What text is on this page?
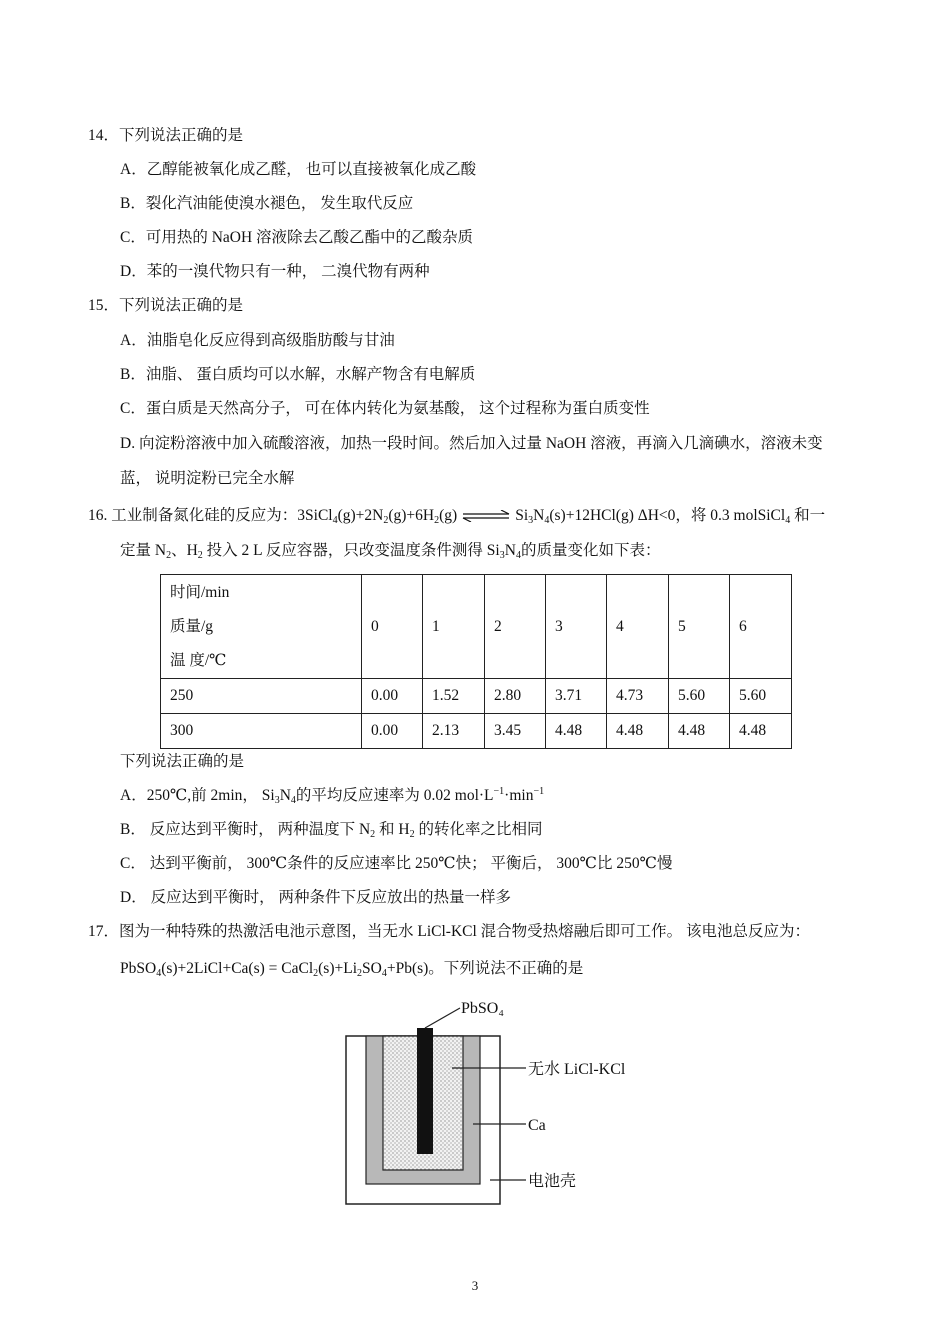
14．下列说法正确的是
A．乙醇能被氧化成乙醛， 也可以直接被氧化成乙酸
B．裂化汽油能使溴水褪色， 发生取代反应
C．可用热的 NaOH 溶液除去乙酸乙酯中的乙酸杂质
D．苯的一溴代物只有一种， 二溴代物有两种
15．下列说法正确的是
A．油脂皂化反应得到高级脂肪酸与甘油
B．油脂、 蛋白质均可以水解，水解产物含有电解质
C．蛋白质是天然高分子， 可在体内转化为氨基酸， 这个过程称为蛋白质变性
D. 向淀粉溶液中加入硫酸溶液，加热一段时间。然后加入过量 NaOH 溶液，再滴入几滴碘水，溶液未变
蓝， 说明淀粉已完全水解
16. 工业制备氮化硅的反应为：$3SiCl_4(g)+2N_2(g)+6H_2(g)$ ⇌ $Si_3N_4(s)+12HCl(g)$ ΔH<0，将 0.3 molSiCl$_4$ 和一
定量 $N_2$、$H_2$ 投入 2 L 反应容器，只改变温度条件测得 $Si_3N_4$的质量变化如下表：
时间/min
质量/g
温 度/℃	0	1	2	3	4	5	6
250	0.00	1.52	2.80	3.71	4.73	5.60	5.60
300	0.00	2.13	3.45	4.48	4.48	4.48	4.48
下列说法正确的是
A．250℃,前 2min， $Si_3N_4$的平均反应速率为 0.02 $mol\cdot L^{-1}\cdot\min^{-1}$
B． 反应达到平衡时， 两种温度下 $N_2$ 和 $H_2$ 的转化率之比相同
C． 达到平衡前， 300℃条件的反应速率比 250℃快； 平衡后， 300℃比 250℃慢
D． 反应达到平衡时， 两种条件下反应放出的热量一样多
17．图为一种特殊的热激活电池示意图，当无水 LiCl-KCl 混合物受热熔融后即可工作。 该电池总反应为：
PbSO$_4$(s)+2LiCl+Ca(s) = $CaCl_2(s)+Li_2SO_4+Pb(s)$。下列说法不正确的是
PbSO₄
无水 LiCl-KCl
Ca
电池壳
3
